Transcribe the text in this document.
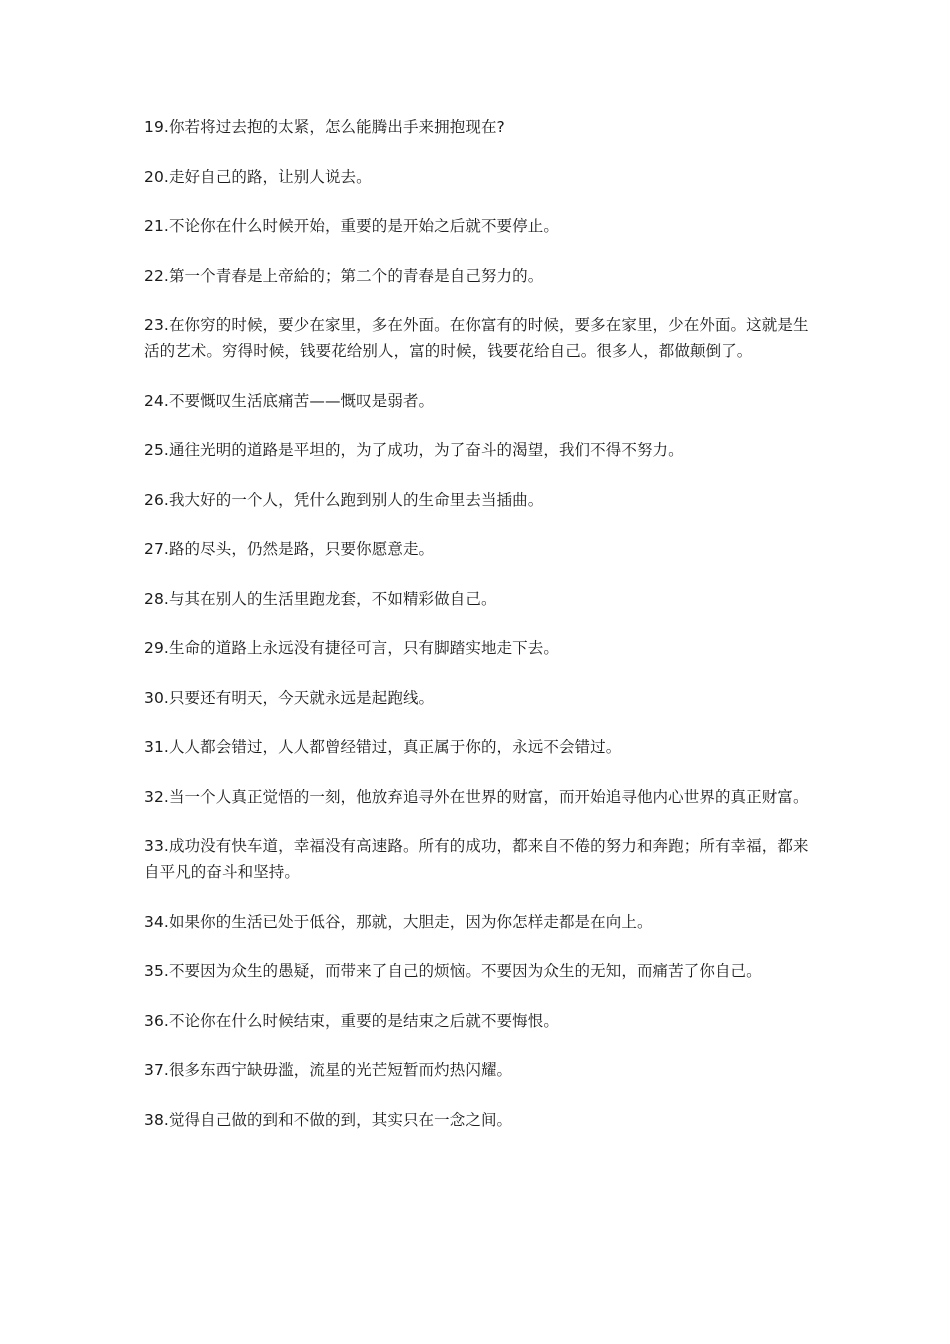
19.你若将过去抱的太紧，怎么能腾出手来拥抱现在?

20.走好自己的路，让别人说去。

21.不论你在什么时候开始，重要的是开始之后就不要停止。

22.第一个青春是上帝給的；第二个的青春是自己努力的。

23.在你穷的时候，要少在家里，多在外面。在你富有的时候，要多在家里，少在外面。这就是生活的艺术。穷得时候，钱要花给别人，富的时候，钱要花给自己。很多人，都做颠倒了。

24.不要慨叹生活底痛苦——慨叹是弱者。

25.通往光明的道路是平坦的，为了成功，为了奋斗的渴望，我们不得不努力。

26.我大好的一个人，凭什么跑到别人的生命里去当插曲。

27.路的尽头，仍然是路，只要你愿意走。

28.与其在别人的生活里跑龙套，不如精彩做自己。

29.生命的道路上永远没有捷径可言，只有脚踏实地走下去。

30.只要还有明天，今天就永远是起跑线。

31.人人都会错过，人人都曾经错过，真正属于你的，永远不会错过。

32.当一个人真正觉悟的一刻，他放弃追寻外在世界的财富，而开始追寻他内心世界的真正财富。

33.成功没有快车道，幸福没有高速路。所有的成功，都来自不倦的努力和奔跑；所有幸福，都来自平凡的奋斗和坚持。

34.如果你的生活已处于低谷，那就，大胆走，因为你怎样走都是在向上。

35.不要因为众生的愚疑，而带来了自己的烦恼。不要因为众生的无知，而痛苦了你自己。

36.不论你在什么时候结束，重要的是结束之后就不要悔恨。

37.很多东西宁缺毋滥，流星的光芒短暂而灼热闪耀。

38.觉得自己做的到和不做的到，其实只在一念之间。
